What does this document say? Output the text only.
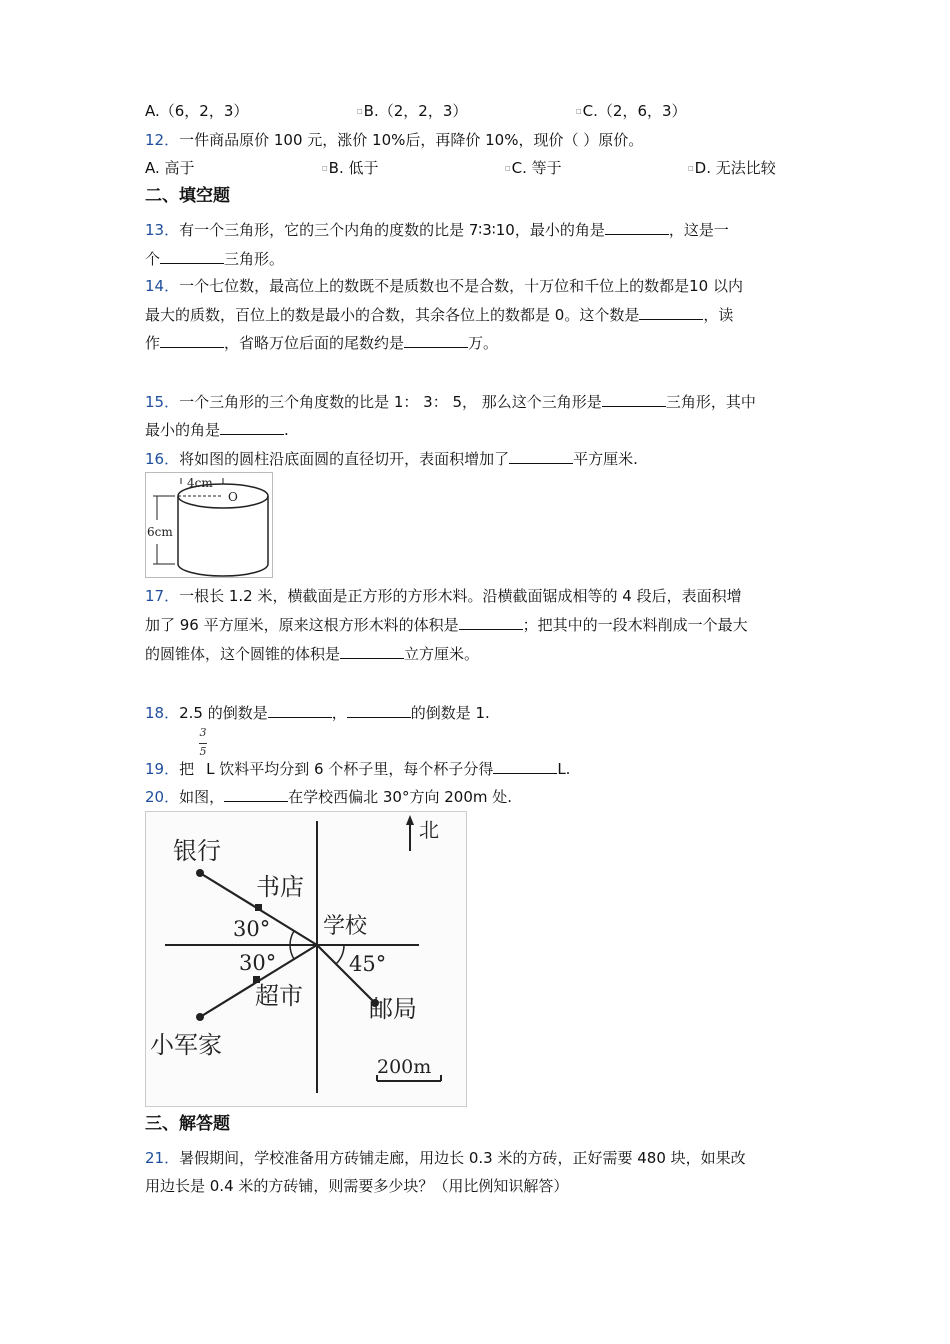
A.（6，2，3）	□B.（2，2，3）	□C.（2，6，3）
12．一件商品原价 100 元，涨价 10%后，再降价 10%，现价（ ）原价。
A. 高于	□B. 低于	□C. 等于	□D. 无法比较
二、填空题
13．有一个三角形，它的三个内角的度数的比是 7∶3∶10，最小的角是	，这是一
个	三角形。
14．一个七位数，最高位上的数既不是质数也不是合数，十万位和千位上的数都是10 以内
最大的质数，百位上的数是最小的合数，其余各位上的数都是 0。这个数是	，读
作	，省略万位后面的尾数约是	万。
15．一个三角形的三个角度数的比是 1： 3： 5， 那么这个三角形是	三角形，其中
最小的角是	.
16．将如图的圆柱沿底面圆的直径切开，表面积增加了	平方厘米.
4cm
O
6cm
17．一根长 1.2 米，横截面是正方形的方形木料。沿横截面锯成相等的 4 段后，表面积增
加了 96 平方厘米，原来这根方形木料的体积是	；把其中的一段木料削成一个最大
的圆锥体，这个圆锥的体积是	立方厘米。
18．2.5 的倒数是	，	的倒数是 1.
3
5
19．把 L 饮料平均分到 6 个杯子里，每个杯子分得	L.
20．如图，	在学校西偏北 30°方向 200m 处.
北
银行
书店
30° 学校
30°	45°
超市	邮局
小军家
200m
三、解答题
21．暑假期间，学校准备用方砖铺走廊，用边长 0.3 米的方砖，正好需要 480 块，如果改
用边长是 0.4 米的方砖铺，则需要多少块？（用比例知识解答）
